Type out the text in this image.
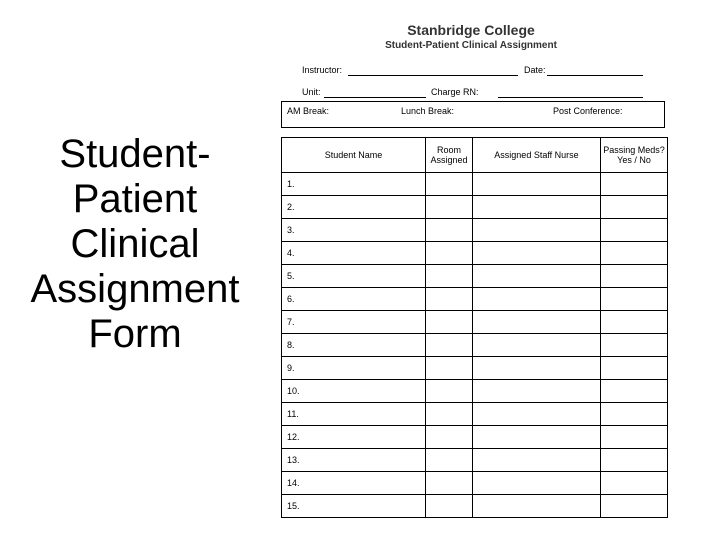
Student-
Patient
Clinical
Assignment
Form
Stanbridge College
Student-Patient Clinical Assignment
Instructor:	Date:
Unit:	Charge RN:
AM Break:	Lunch Break:	Post Conference:
Student Name	Room Assigned	Assigned Staff Nurse	Passing Meds? Yes / No
1.			
2.			
3.			
4.			
5.			
6.			
7.			
8.			
9.			
10.			
11.			
12.			
13.			
14.			
15.			
